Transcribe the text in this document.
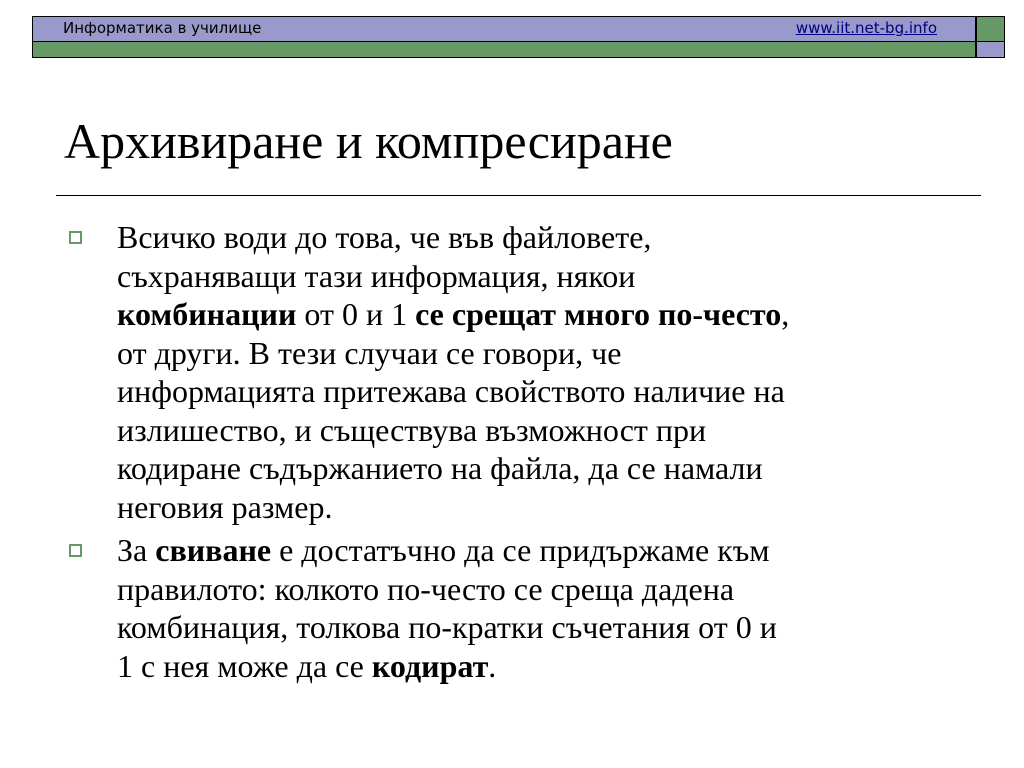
Информатика в училище	www.iit.net-bg.info
Архивиране и компресиране
Всичко води до това, че във файловете,
съхраняващи тази информация, някои
комбинации от 0 и 1 се срещат много по-често,
от други. В тези случаи се говори, че
информацията притежава свойството наличие на
излишество, и съществува възможност при
кодиране съдържанието на файла, да се намали
неговия размер.
За свиване е достатъчно да се придържаме към
правилото: колкото по-често се среща дадена
комбинация, толкова по-кратки съчетания от 0 и
1 с нея може да се кодират.
